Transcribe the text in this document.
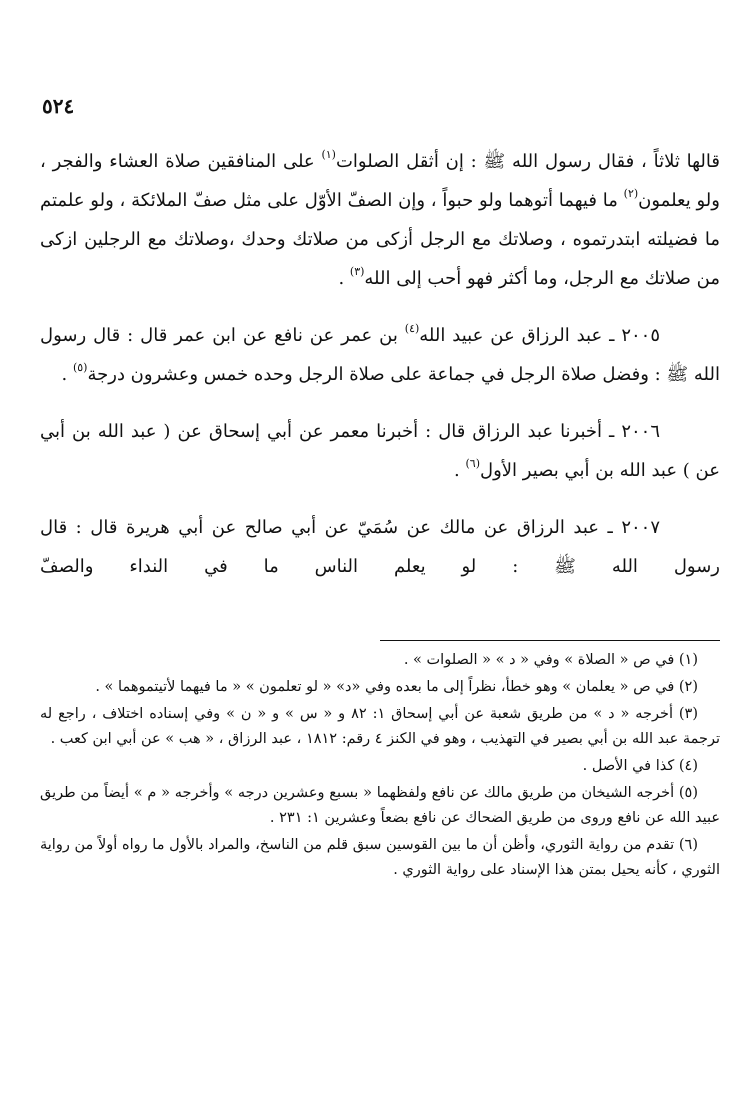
٥٢٤

قالها ثلاثاً ، فقال رسول الله ﷺ : إن أثقل الصلوات$^{(١)}$ على المنافقين صلاة العشاء والفجر ، ولو يعلمون$^{(٢)}$ ما فيهما أتوهما ولو حبواً ، وإن الصفّ الأوّل على مثل صفّ الملائكة ، ولو علمتم ما فضيلته ابتدرتموه ، وصلاتك مع الرجل أزكى من صلاتك وحدك ،وصلاتك مع الرجلين ازكى من صلاتك مع الرجل، وما أكثر فهو أحب إلى الله$^{(٣)}$ .

٢٠٠٥ ـ عبد الرزاق عن عبيد الله$^{(٤)}$ بن عمر عن نافع عن ابن عمر قال : قال رسول الله ﷺ : وفضل صلاة الرجل في جماعة على صلاة الرجل وحده خمس وعشرون درجة$^{(٥)}$ .

٢٠٠٦ ـ أخبرنا عبد الرزاق قال : أخبرنا معمر عن أبي إسحاق عن ( عبد الله بن أبي عن ) عبد الله بن أبي بصير الأول$^{(٦)}$ .

٢٠٠٧ ـ عبد الرزاق عن مالك عن سُمَيّ عن أبي صالح عن أبي هريرة قال : قال رسول الله ﷺ : لو يعلم الناس ما في النداء والصفّ

(١) في ص « الصلاة » وفي « د » « الصلوات » .

(٢) في ص « يعلمان » وهو خطأ، نظراً إلى ما بعده وفي «د» « لو تعلمون » « ما فيهما لأتيتموهما » .

(٣) أخرجه « د » من طريق شعبة عن أبي إسحاق ١: ٨٢ و « س » و « ن » وفي إسناده اختلاف ، راجع له ترجمة عبد الله بن أبي بصير في التهذيب ، وهو في الكنز ٤ رقم: ١٨١٢ ، عبد الرزاق ، « هب » عن أبي ابن كعب .

(٤) كذا في الأصل .

(٥) أخرجه الشيخان من طريق مالك عن نافع ولفظهما « بسبع وعشرين درجه » وأخرجه « م » أيضاً من طريق عبيد الله عن نافع وروى من طريق الضحاك عن نافع بضعاً وعشرين ١: ٢٣١ .

(٦) تقدم من رواية الثوري، وأظن أن ما بين القوسين سبق قلم من الناسخ، والمراد بالأول ما رواه أولاً من رواية الثوري ، كأنه يحيل بمتن هذا الإسناد على رواية الثوري .
